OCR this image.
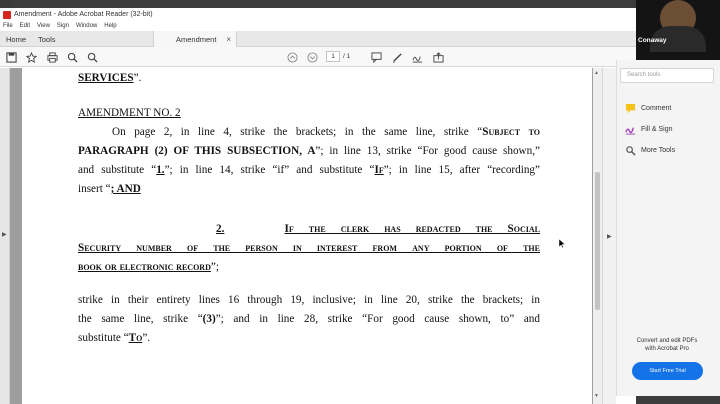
Amendment - Adobe Acrobat Reader (32-bit)
File Edit View Sign Window Help
Home Tools	Amendment ×
1	/ 1
▶
SERVICES”.
AMENDMENT NO. 2
On page 2, in line 4, strike the brackets; in the same line, strike “Subject to
PARAGRAPH (2) OF THIS SUBSECTION, A”; in line 13, strike “For good cause shown,”
and substitute “1.”; in line 14, strike “if” and substitute “If”; in line 15, after “recording”
insert “; AND
2.	If the clerk has redacted the Social
Security number of the person in interest from any portion of the
book or electronic record”;
strike in their entirety lines 16 through 19, inclusive; in line 20, strike the brackets; in
the same line, strike “(3)”; and in line 28, strike “For good cause shown, to” and
substitute “To”.
▲
▼
▶
Search tools
Comment
Fill & Sign
More Tools
Convert and edit PDFs
with Acrobat Pro
Start Free Trial
Conaway
